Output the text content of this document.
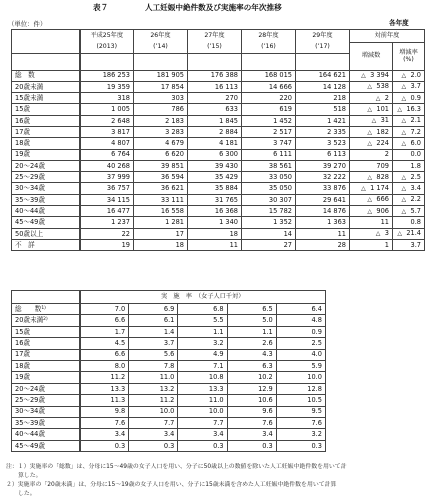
表７	人工妊娠中絶件数及び実施率の年次推移
（単位：件）	各年度
	平成25年度	26年度	27年度	28年度	29年度	対前年度	
	(2013)	(’14)	(’15)	(’16)	(’17)	増減数	増減率
(%)

総　数	186 253	181 905	176 388	168 015	164 621	△ 3 394	△ 2.0
20歳未満	19 359	17 854	16 113	14 666	14 128	△ 538	△ 3.7
15歳未満	318	303	270	220	218	△ 2	△ 0.9
15歳	1 005	786	633	619	518	△ 101	△ 16.3
16歳	2 648	2 183	1 845	1 452	1 421	△ 31	△ 2.1
17歳	3 817	3 283	2 884	2 517	2 335	△ 182	△ 7.2
18歳	4 807	4 679	4 181	3 747	3 523	△ 224	△ 6.0
19歳	6 764	6 620	6 300	6 111	6 113	2	0.0
20～24歳	40 268	39 851	39 430	38 561	39 270	709	1.8
25～29歳	37 999	36 594	35 429	33 050	32 222	△ 828	△ 2.5
30～34歳	36 757	36 621	35 884	35 050	33 876	△ 1 174	△ 3.4
35～39歳	34 115	33 111	31 765	30 307	29 641	△ 666	△ 2.2
40～44歳	16 477	16 558	16 368	15 782	14 876	△ 906	△ 5.7
45～49歳	1 237	1 281	1 340	1 352	1 363	11	0.8
50歳以上	22	17	18	14	11	△ 3	△ 21.4
不　詳	19	18	11	27	28	1	3.7
	実　施　率　（女子人口千対）				
総　　数$^{1)}$	7.0	6.9	6.8	6.5	6.4
20歳未満$^{2)}$	6.6	6.1	5.5	5.0	4.8
15歳	1.7	1.4	1.1	1.1	0.9
16歳	4.5	3.7	3.2	2.6	2.5
17歳	6.6	5.6	4.9	4.3	4.0
18歳	8.0	7.8	7.1	6.3	5.9
19歳	11.2	11.0	10.8	10.2	10.0
20～24歳	13.3	13.2	13.3	12.9	12.8
25～29歳	11.3	11.2	11.0	10.6	10.5
30～34歳	9.8	10.0	10.0	9.6	9.5
35～39歳	7.6	7.7	7.7	7.6	7.6
40～44歳	3.4	3.4	3.4	3.4	3.2
45～49歳	0.3	0.3	0.3	0.3	0.3
注：１）実施率の「総数」は、分母に15～49歳の女子人口を用い、分子に50歳以上の数値を除いた人工妊娠中絶件数を用いて計
算した。
２）実施率の「20歳未満」は、分母に15～19歳の女子人口を用い、分子に15歳未満を含めた人工妊娠中絶件数を用いて計算
した。
